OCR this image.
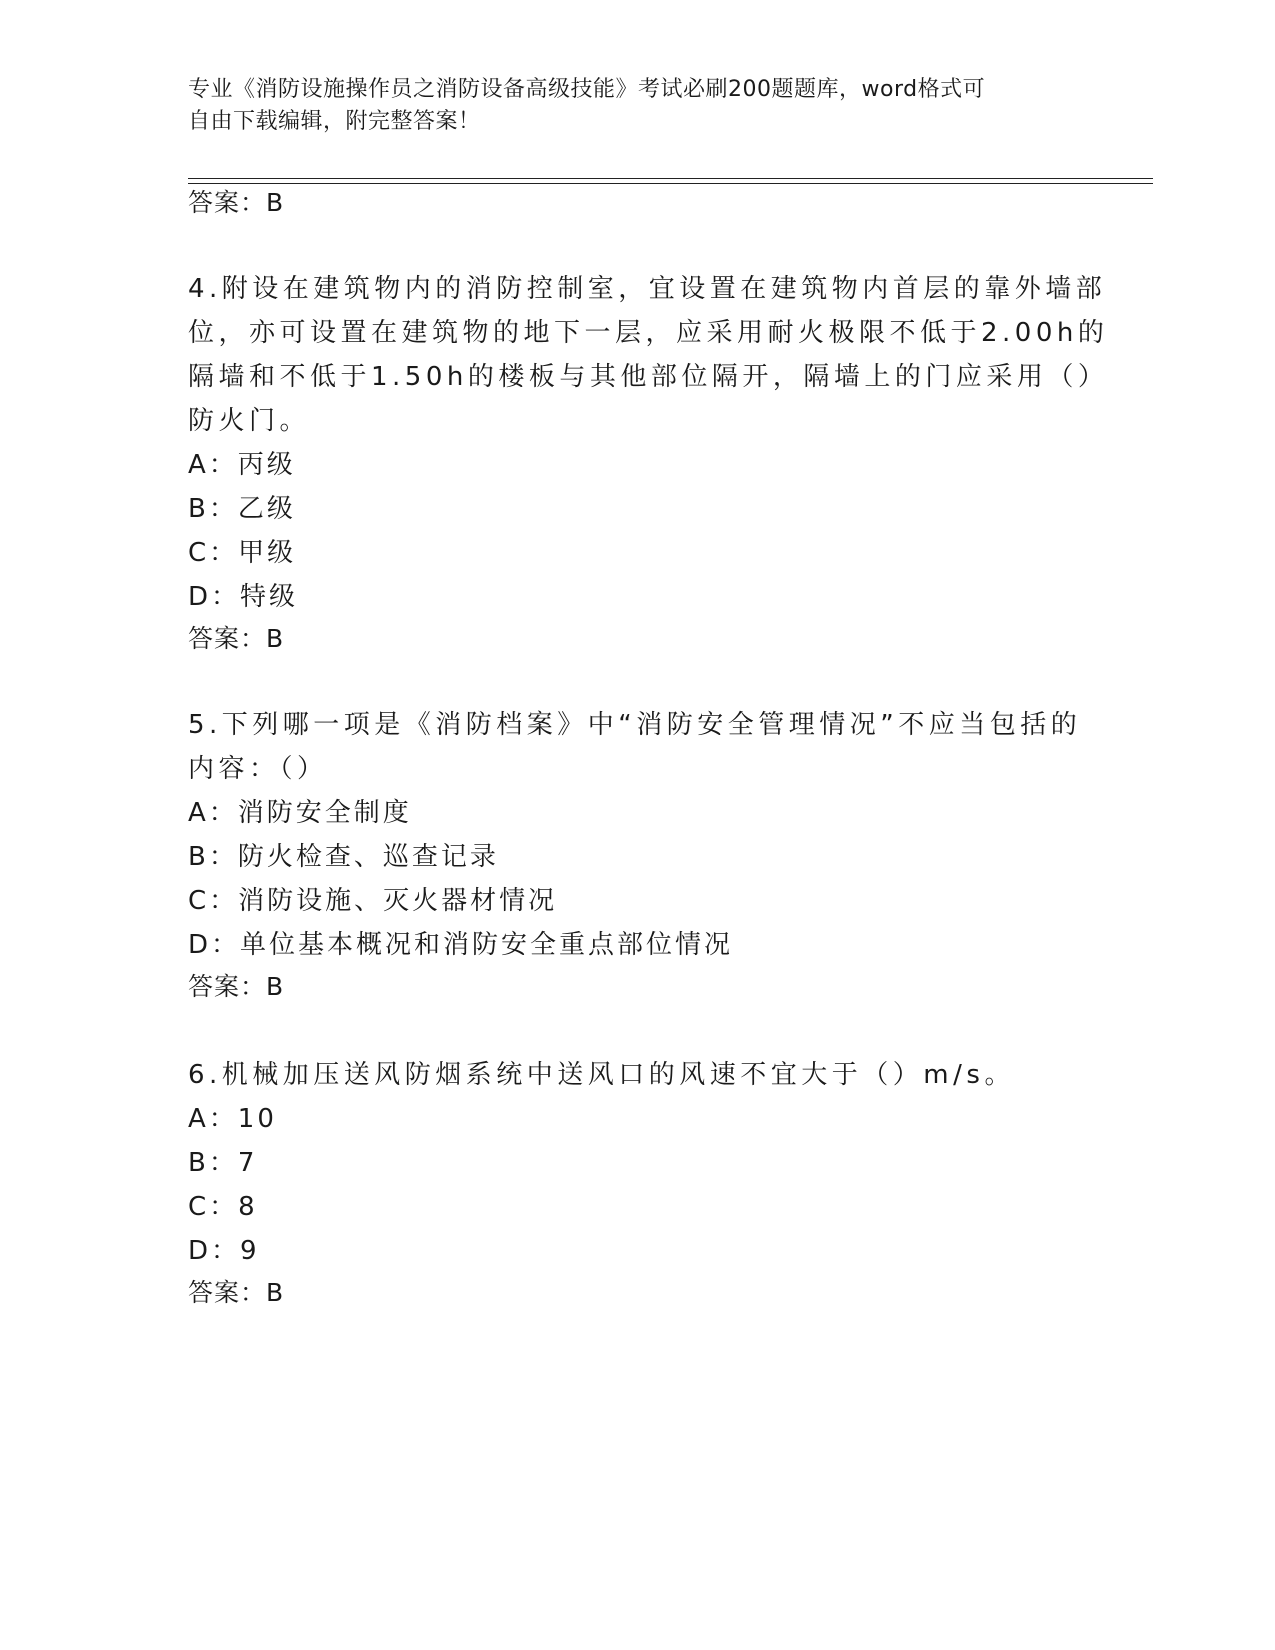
专业《消防设施操作员之消防设备高级技能》考试必刷200题题库，word格式可
自由下载编辑，附完整答案！
答案：B
4.附设在建筑物内的消防控制室，宜设置在建筑物内首层的靠外墙部
位，亦可设置在建筑物的地下一层，应采用耐火极限不低于2.00h的
隔墙和不低于1.50h的楼板与其他部位隔开，隔墙上的门应采用（）
防火门。
A：丙级
B：乙级
C：甲级
D：特级
答案：B
5.下列哪一项是《消防档案》中“消防安全管理情况”不应当包括的
内容：（）
A：消防安全制度
B：防火检查、巡查记录
C：消防设施、灭火器材情况
D：单位基本概况和消防安全重点部位情况
答案：B
6.机械加压送风防烟系统中送风口的风速不宜大于（）m/s。
A：10
B：7
C：8
D：9
答案：B
